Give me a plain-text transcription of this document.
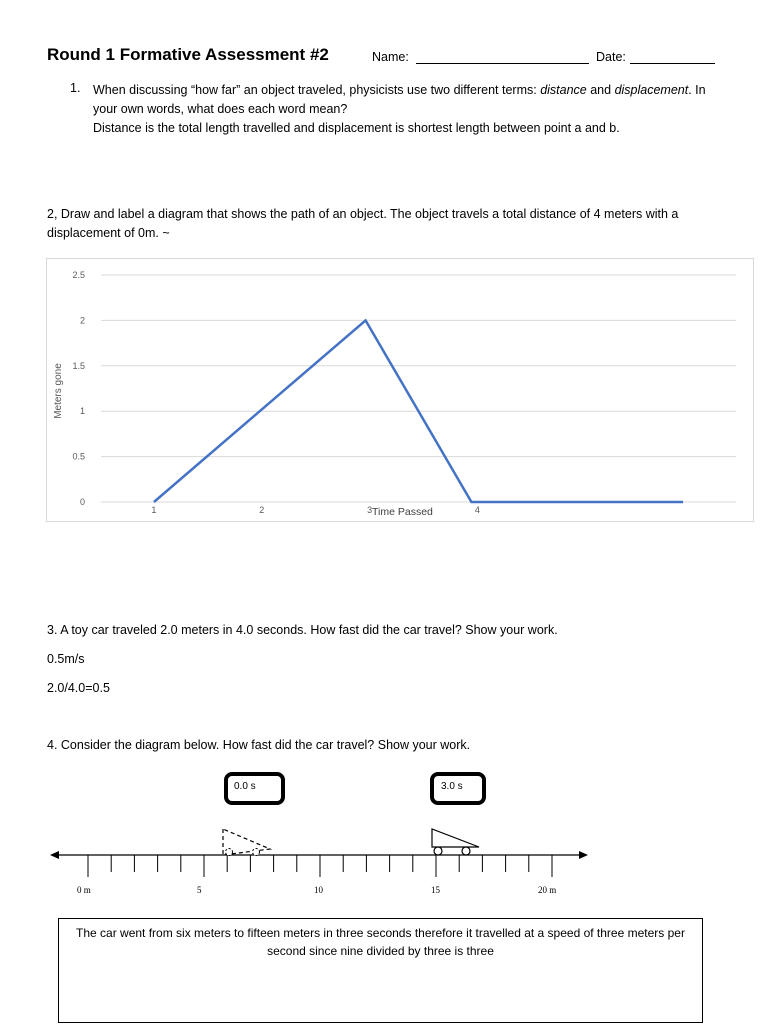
Round 1 Formative Assessment #2	Name:	Date:
1. When discussing “how far” an object traveled, physicists use two different terms: distance and displacement. In your own words, what does each word mean?
Distance is the total length travelled and displacement is shortest length between point a and b.
2, Draw and label a diagram that shows the path of an object. The object travels a total distance of 4 meters with a displacement of 0m. ~
0
0.5
1
1.5
2
2.5
1	2	3	4
Meters gone
Time Passed
3. A toy car traveled 2.0 meters in 4.0 seconds. How fast did the car travel? Show your work.
0.5m/s
2.0/4.0=0.5
4. Consider the diagram below. How fast did the car travel? Show your work.
0.0 s	3.0 s
0 m	5	10	15	20 m
The car went from six meters to fifteen meters in three seconds therefore it travelled at a speed of three meters per second since nine divided by three is three
